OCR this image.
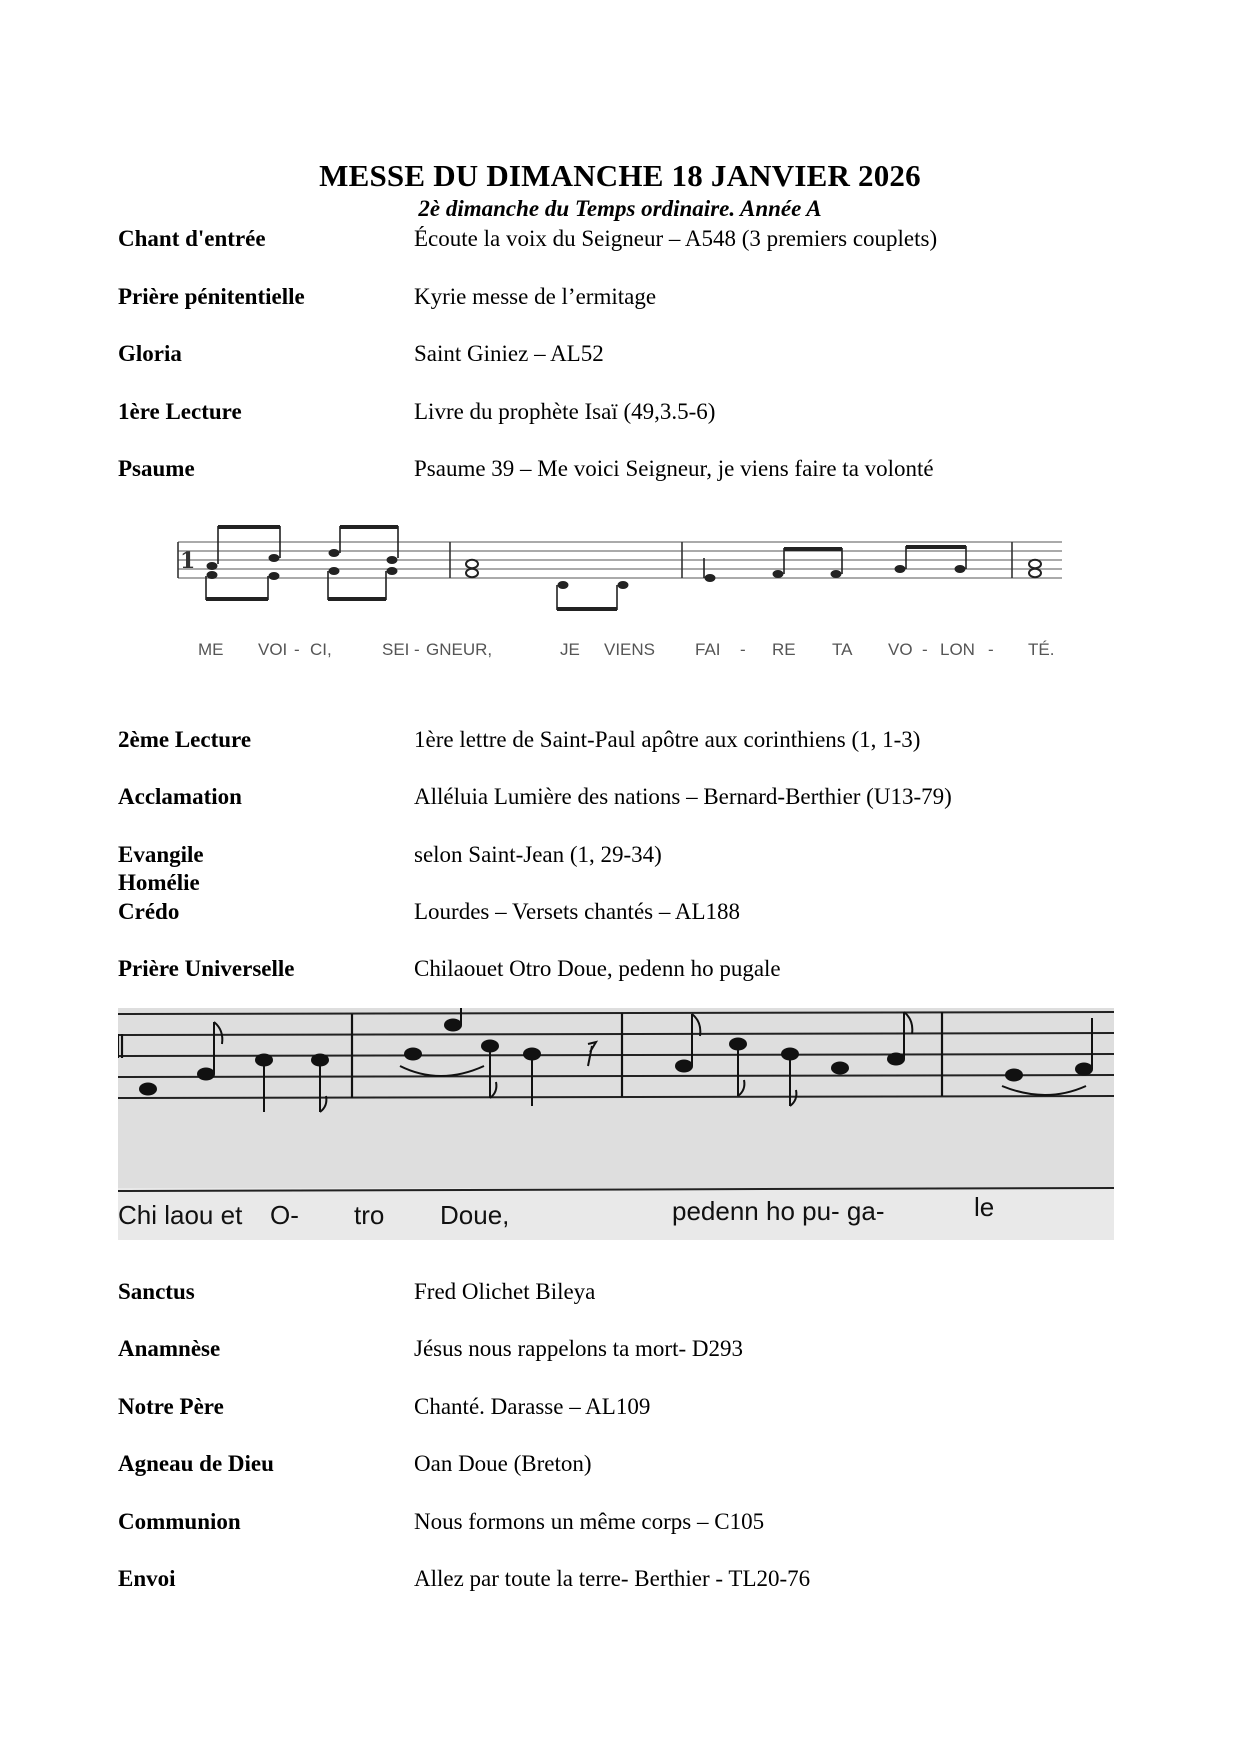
MESSE DU DIMANCHE 18 JANVIER 2026
2è dimanche du Temps ordinaire. Année A
Chant d'entrée	Écoute la voix du Seigneur – A548 (3 premiers couplets)
Prière pénitentielle	Kyrie messe de l’ermitage
Gloria	Saint Giniez – AL52
1ère Lecture	Livre du prophète Isaï (49,3.5-6)
Psaume	Psaume 39 – Me voici Seigneur, je viens faire ta volonté
1
ME VOI - CI,	SEI - GNEUR,	JE VIENS FAI - RE TA VO - LON - TÉ.
2ème Lecture	1ère lettre de Saint-Paul apôtre aux corinthiens (1, 1-3)
Acclamation	Alléluia Lumière des nations – Bernard-Berthier (U13-79)
Evangile	selon Saint-Jean (1, 29-34)
Homélie
Crédo	Lourdes – Versets chantés – AL188
Prière Universelle	Chilaouet Otro Doue, pedenn ho pugale
Chi laou et O- tro Doue,	pedenn ho pu- ga-	le
Sanctus	Fred Olichet Bileya
Anamnèse	Jésus nous rappelons ta mort- D293
Notre Père	Chanté. Darasse – AL109
Agneau de Dieu	Oan Doue (Breton)
Communion	Nous formons un même corps – C105
Envoi	Allez par toute la terre- Berthier - TL20-76
